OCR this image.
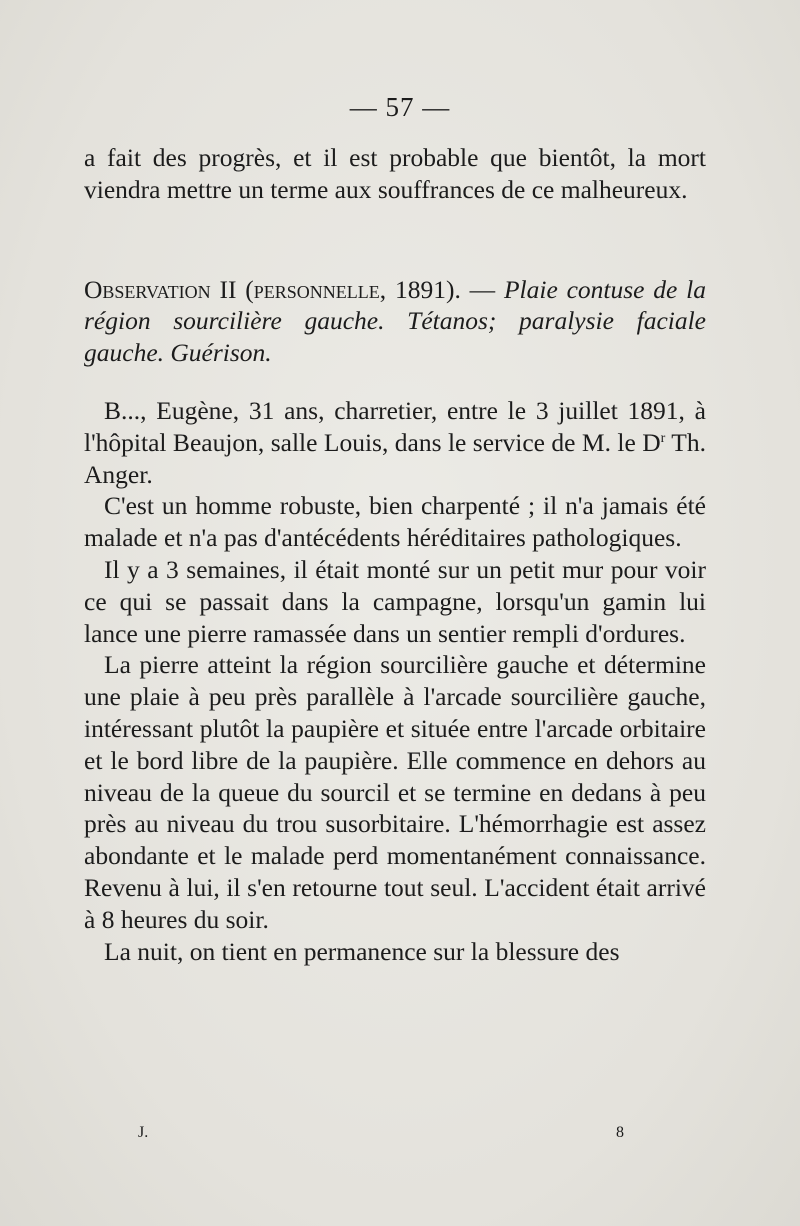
— 57 —

a fait des progrès, et il est probable que bientôt, la mort viendra mettre un terme aux souffrances de ce malheureux.

Observation II (personnelle, 1891). — Plaie contuse de la région sourcilière gauche. Tétanos; paralysie faciale gauche. Guérison.

B..., Eugène, 31 ans, charretier, entre le 3 juillet 1891, à l'hôpital Beaujon, salle Louis, dans le service de M. le $D^r$ Th. Anger.

C'est un homme robuste, bien charpenté ; il n'a jamais été malade et n'a pas d'antécédents héréditaires pathologiques.

Il y a 3 semaines, il était monté sur un petit mur pour voir ce qui se passait dans la campagne, lorsqu'un gamin lui lance une pierre ramassée dans un sentier rempli d'ordures.

La pierre atteint la région sourcilière gauche et détermine une plaie à peu près parallèle à l'arcade sourcilière gauche, intéressant plutôt la paupière et située entre l'arcade orbitaire et le bord libre de la paupière. Elle commence en dehors au niveau de la queue du sourcil et se termine en dedans à peu près au niveau du trou susorbitaire. L'hémorrhagie est assez abondante et le malade perd momentanément connaissance. Revenu à lui, il s'en retourne tout seul. L'accident était arrivé à 8 heures du soir.

La nuit, on tient en permanence sur la blessure des

J.	8
